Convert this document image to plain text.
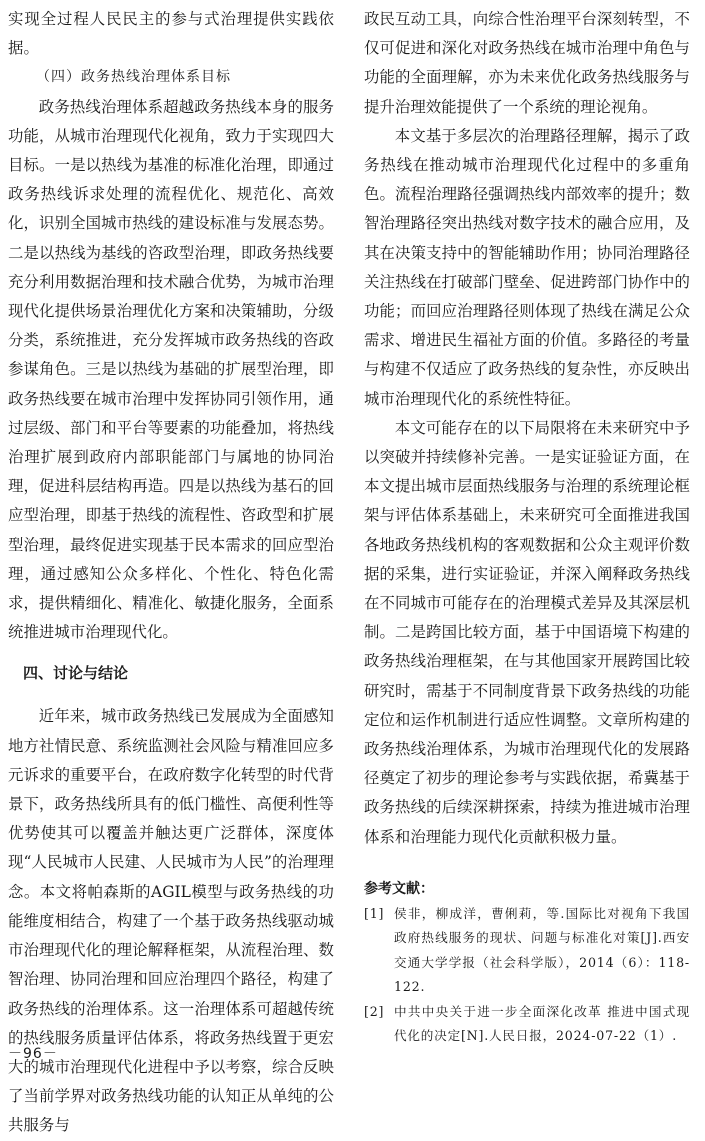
实现全过程人民民主的参与式治理提供实践依据。

（四）政务热线治理体系目标

政务热线治理体系超越政务热线本身的服务功能，从城市治理现代化视角，致力于实现四大目标。一是以热线为基准的标准化治理，即通过政务热线诉求处理的流程优化、规范化、高效化，识别全国城市热线的建设标准与发展态势。二是以热线为基线的咨政型治理，即政务热线要充分利用数据治理和技术融合优势，为城市治理现代化提供场景治理优化方案和决策辅助，分级分类，系统推进，充分发挥城市政务热线的咨政参谋角色。三是以热线为基础的扩展型治理，即政务热线要在城市治理中发挥协同引领作用，通过层级、部门和平台等要素的功能叠加，将热线治理扩展到政府内部职能部门与属地的协同治理，促进科层结构再造。四是以热线为基石的回应型治理，即基于热线的流程性、咨政型和扩展型治理，最终促进实现基于民本需求的回应型治理，通过感知公众多样化、个性化、特色化需求，提供精细化、精准化、敏捷化服务，全面系统推进城市治理现代化。

四、讨论与结论

近年来，城市政务热线已发展成为全面感知地方社情民意、系统监测社会风险与精准回应多元诉求的重要平台，在政府数字化转型的时代背景下，政务热线所具有的低门槛性、高便利性等优势使其可以覆盖并触达更广泛群体，深度体现“人民城市人民建、人民城市为人民”的治理理念。本文将帕森斯的AGIL模型与政务热线的功能维度相结合，构建了一个基于政务热线驱动城市治理现代化的理论解释框架，从流程治理、数智治理、协同治理和回应治理四个路径，构建了政务热线的治理体系。这一治理体系可超越传统的热线服务质量评估体系，将政务热线置于更宏大的城市治理现代化进程中予以考察，综合反映了当前学界对政务热线功能的认知正从单纯的公共服务与

政民互动工具，向综合性治理平台深刻转型，不仅可促进和深化对政务热线在城市治理中角色与功能的全面理解，亦为未来优化政务热线服务与提升治理效能提供了一个系统的理论视角。

本文基于多层次的治理路径理解，揭示了政务热线在推动城市治理现代化过程中的多重角色。流程治理路径强调热线内部效率的提升；数智治理路径突出热线对数字技术的融合应用，及其在决策支持中的智能辅助作用；协同治理路径关注热线在打破部门壁垒、促进跨部门协作中的功能；而回应治理路径则体现了热线在满足公众需求、增进民生福祉方面的价值。多路径的考量与构建不仅适应了政务热线的复杂性，亦反映出城市治理现代化的系统性特征。

本文可能存在的以下局限将在未来研究中予以突破并持续修补完善。一是实证验证方面，在本文提出城市层面热线服务与治理的系统理论框架与评估体系基础上，未来研究可全面推进我国各地政务热线机构的客观数据和公众主观评价数据的采集，进行实证验证，并深入阐释政务热线在不同城市可能存在的治理模式差异及其深层机制。二是跨国比较方面，基于中国语境下构建的政务热线治理框架，在与其他国家开展跨国比较研究时，需基于不同制度背景下政务热线的功能定位和运作机制进行适应性调整。文章所构建的政务热线治理体系，为城市治理现代化的发展路径奠定了初步的理论参考与实践依据，希冀基于政务热线的后续深耕探索，持续为推进城市治理体系和治理能力现代化贡献积极力量。

参考文献：

[1] 侯非，柳成洋，曹俐莉，等.国际比对视角下我国政府热线服务的现状、问题与标准化对策[J].西安交通大学学报（社会科学版），2014（6）：118-122.
[2] 中共中央关于进一步全面深化改革 推进中国式现代化的决定[N].人民日报，2024-07-22（1）.
－96－
